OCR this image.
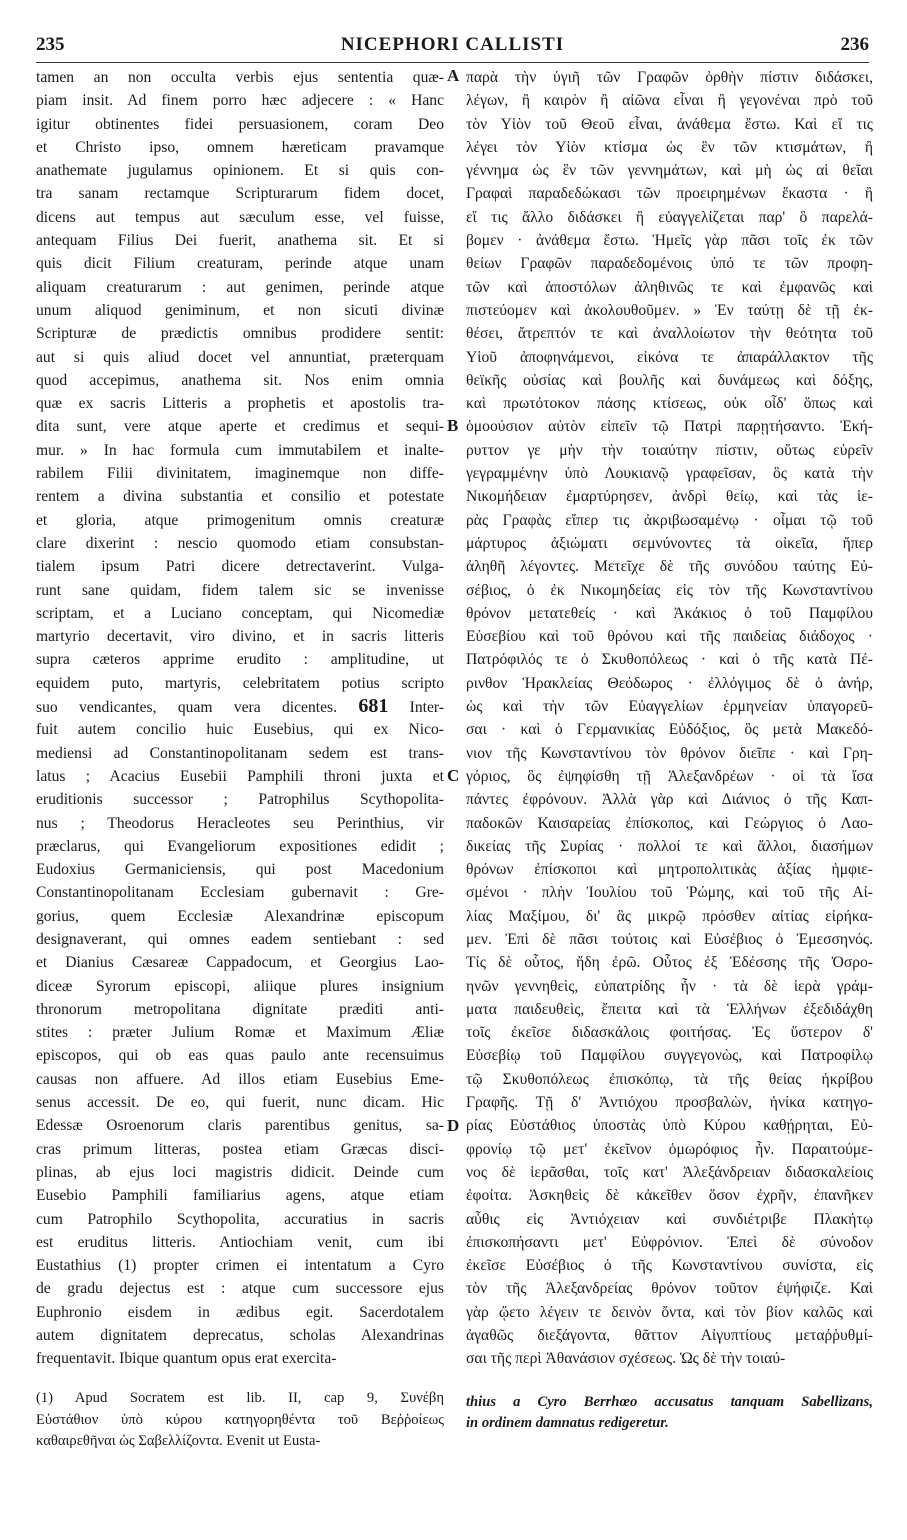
235	NICEPHORI CALLISTI	236
tamen an non occulta verbis ejus sententia quæ-
piam insit. Ad finem porro hæc adjecere : « Hanc
igitur obtinentes fidei persuasionem, coram Deo
et Christo ipso, omnem hæreticam pravamque
anathemate jugulamus opinionem. Et si quis con-
tra sanam rectamque Scripturarum fidem docet,
dicens aut tempus aut sæculum esse, vel fuisse,
antequam Filius Dei fuerit, anathema sit. Et si
quis dicit Filium creaturam, perinde atque unam
aliquam creaturarum : aut genimen, perinde atque
unum aliquod geniminum, et non sicuti divinæ
Scripturæ de prædictis omnibus prodidere sentit:
aut si quis aliud docet vel annuntiat, præterquam
quod accepimus, anathema sit. Nos enim omnia
quæ ex sacris Litteris a prophetis et apostolis tra-
dita sunt, vere atque aperte et credimus et sequi-
mur. » In hac formula cum immutabilem et inalte-
rabilem Filii divinitatem, imaginemque non diffe-
rentem a divina substantia et consilio et potestate
et gloria, atque primogenitum omnis creaturæ
clare dixerint : nescio quomodo etiam consubstan-
tialem ipsum Patri dicere detrectaverint. Vulga-
runt sane quidam, fidem talem sic se invenisse
scriptam, et a Luciano conceptam, qui Nicomediæ
martyrio decertavit, viro divino, et in sacris litteris
supra cæteros apprime erudito : amplitudine, ut
equidem puto, martyris, celebritatem potius scripto
suo vendicantes, quam vera dicentes. 681 Inter-
fuit autem concilio huic Eusebius, qui ex Nico-
mediensi ad Constantinopolitanam sedem est trans-
latus ; Acacius Eusebii Pamphili throni juxta et
eruditionis successor ; Patrophilus Scythopolita-
nus ; Theodorus Heracleotes seu Perinthius, vir
præclarus, qui Evangeliorum expositiones edidit ;
Eudoxius Germaniciensis, qui post Macedonium
Constantinopolitanam Ecclesiam gubernavit : Gre-
gorius, quem Ecclesiæ Alexandrinæ episcopum
designaverant, qui omnes eadem sentiebant : sed
et Dianius Cæsareæ Cappadocum, et Georgius Lao-
diceæ Syrorum episcopi, aliique plures insignium
thronorum metropolitana dignitate præditi anti-
stites : præter Julium Romæ et Maximum Æliæ
episcopos, qui ob eas quas paulo ante recensuimus
causas non affuere. Ad illos etiam Eusebius Eme-
senus accessit. De eo, qui fuerit, nunc dicam. Hic
Edessæ Osroenorum claris parentibus genitus, sa-
cras primum litteras, postea etiam Græcas disci-
plinas, ab ejus loci magistris didicit. Deinde cum
Eusebio Pamphili familiarius agens, atque etiam
cum Patrophilo Scythopolita, accuratius in sacris
est eruditus litteris. Antiochiam venit, cum ibi
Eustathius (1) propter crimen ei intentatum a Cyro
de gradu dejectus est : atque cum successore ejus
Euphronio eisdem in ædibus egit. Sacerdotalem
autem dignitatem deprecatus, scholas Alexandrinas
frequentavit. Ibique quantum opus erat exercita-
παρὰ τὴν ὑγιῆ τῶν Γραφῶν ὀρθὴν πίστιν διδάσκει,
λέγων, ἢ καιρὸν ἢ αἰῶνα εἶναι ἢ γεγονέναι πρὸ τοῦ
τὸν Υἱὸν τοῦ Θεοῦ εἶναι, ἀνάθεμα ἔστω. Καὶ εἴ τις
λέγει τὸν Υἱὸν κτίσμα ὡς ἓν τῶν κτισμάτων, ἢ
γέννημα ὡς ἓν τῶν γεννημάτων, καὶ μὴ ὡς αἱ θεῖαι
Γραφαὶ παραδεδώκασι τῶν προειρημένων ἕκαστα · ἢ
εἴ τις ἄλλο διδάσκει ἢ εὐαγγελίζεται παρ' ὃ παρελά-
βομεν · ἀνάθεμα ἔστω. Ἡμεῖς γὰρ πᾶσι τοῖς ἐκ τῶν
θείων Γραφῶν παραδεδομένοις ὑπό τε τῶν προφη-
τῶν καὶ ἀποστόλων ἀληθινῶς τε καὶ ἐμφανῶς καὶ
πιστεύομεν καὶ ἀκολουθοῦμεν. » Ἐν ταύτῃ δὲ τῇ ἐκ-
θέσει, ἄτρεπτόν τε καὶ ἀναλλοίωτον τὴν θεότητα τοῦ
Υἱοῦ ἀποφηνάμενοι, εἰκόνα τε ἀπαράλλακτον τῆς
θεϊκῆς οὐσίας καὶ βουλῆς καὶ δυνάμεως καὶ δόξης,
καὶ πρωτότοκον πάσης κτίσεως, οὐκ οἶδ' ὅπως καὶ
ὁμοούσιον αὐτὸν εἰπεῖν τῷ Πατρὶ παρῃτήσαντο. Ἐκή-
ρυττον γε μὴν τὴν τοιαύτην πίστιν, οὕτως εὑρεῖν
γεγραμμένην ὑπὸ Λουκιανῷ γραφεῖσαν, ὃς κατὰ τὴν
Νικομήδειαν ἐμαρτύρησεν, ἀνδρὶ θείῳ, καὶ τὰς ἱε-
ρὰς Γραφὰς εἴπερ τις ἀκριβωσαμένῳ · οἶμαι τῷ τοῦ
μάρτυρος ἀξιώματι σεμνύνοντες τὰ οἰκεῖα, ἤπερ
ἀληθῆ λέγοντες. Μετεῖχε δὲ τῆς συνόδου ταύτης Εὐ-
σέβιος, ὁ ἐκ Νικομηδείας εἰς τὸν τῆς Κωνσταντίνου
θρόνον μετατεθείς · καὶ Ἀκάκιος ὁ τοῦ Παμφίλου
Εὐσεβίου καὶ τοῦ θρόνου καὶ τῆς παιδείας διάδοχος ·
Πατρόφιλός τε ὁ Σκυθοπόλεως · καὶ ὁ τῆς κατὰ Πέ-
ρινθον Ἡρακλείας Θεόδωρος · ἐλλόγιμος δὲ ὁ ἀνήρ,
ὡς καὶ τὴν τῶν Εὐαγγελίων ἑρμηνείαν ὑπαγορεῦ-
σαι · καὶ ὁ Γερμανικίας Εὐδόξιος, ὃς μετὰ Μακεδό-
νιον τῆς Κωνσταντίνου τὸν θρόνον διεῖπε · καὶ Γρη-
γόριος, ὃς ἐψηφίσθη τῇ Ἀλεξανδρέων · οἱ τὰ ἴσα
πάντες ἐφρόνουν. Ἀλλὰ γὰρ καὶ Διάνιος ὁ τῆς Καπ-
παδοκῶν Καισαρείας ἐπίσκοπος, καὶ Γεώργιος ὁ Λαο-
δικείας τῆς Συρίας · πολλοί τε καὶ ἄλλοι, διασήμων
θρόνων ἐπίσκοποι καὶ μητροπολιτικὰς ἀξίας ἠμφιε-
σμένοι · πλὴν Ἰουλίου τοῦ Ῥώμης, καὶ τοῦ τῆς Αἰ-
λίας Μαξίμου, δι' ἃς μικρῷ πρόσθεν αἰτίας εἰρήκα-
μεν. Ἐπὶ δὲ πᾶσι τούτοις καὶ Εὐσέβιος ὁ Ἐμεσσηνός.
Τίς δὲ οὗτος, ἤδη ἐρῶ. Οὗτος ἐξ Ἐδέσσης τῆς Ὀσρο-
ηνῶν γεννηθεὶς, εὐπατρίδης ἦν · τὰ δὲ ἱερὰ γράμ-
ματα παιδευθεὶς, ἔπειτα καὶ τὰ Ἑλλήνων ἐξεδιδάχθη
τοῖς ἐκεῖσε διδασκάλοις φοιτήσας. Ἐς ὕστερον δ'
Εὐσεβίῳ τοῦ Παμφίλου συγγεγονὼς, καὶ Πατροφίλῳ
τῷ Σκυθοπόλεως ἐπισκόπῳ, τὰ τῆς θείας ἠκρίβου
Γραφῆς. Τῇ δ' Ἀντιόχου προσβαλὼν, ἡνίκα κατηγο-
ρίας Εὐστάθιος ὑποστὰς ὑπὸ Κύρου καθῄρηται, Εὐ-
φρονίῳ τῷ μετ' ἐκεῖνον ὁμωρόφιος ἦν. Παραιτούμε-
νος δὲ ἱερᾶσθαι, τοῖς κατ' Ἀλεξάνδρειαν διδασκαλείοις
ἐφοίτα. Ἀσκηθεὶς δὲ κἀκεῖθεν ὅσον ἐχρῆν, ἐπανῆκεν
αὖθις εἰς Ἀντιόχειαν καὶ συνδιέτριβε Πλακήτῳ
ἐπισκοπήσαντι μετ' Εὐφρόνιον. Ἐπεὶ δὲ σύνοδον
ἐκεῖσε Εὐσέβιος ὁ τῆς Κωνσταντίνου συνίστα, εἰς
τὸν τῆς Ἀλεξανδρείας θρόνον τοῦτον ἐψήφιζε. Καὶ
γὰρ ᾤετο λέγειν τε δεινὸν ὄντα, καὶ τὸν βίον καλῶς καὶ
ἀγαθῶς διεξάγοντα, θᾶττον Αἰγυπτίους μεταῤῥυθμί-
σαι τῆς περὶ Ἀθανάσιον σχέσεως. Ὡς δὲ τὴν τοιαύ-
A
B
C
D
(1) Apud Socratem est lib. II, cap 9, Συνέβη
Εὐστάθιον ὑπὸ κύρου κατηγορηθέντα τοῦ Βεῤῥοίεως
καθαιρεθῆναι ὡς Σαβελλίζοντα. Evenit ut Eusta-
thius a Cyro Berrhœo accusatus tanquam Sabellizans,
in ordinem damnatus redigeretur.
